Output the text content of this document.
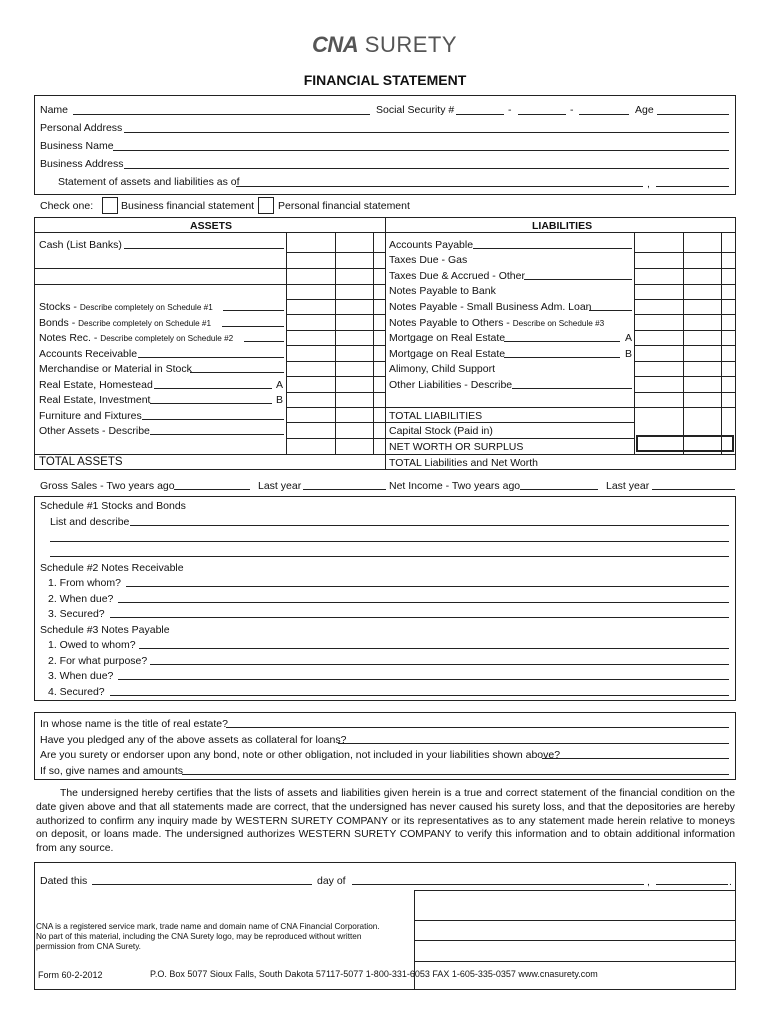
CNA SURETY
FINANCIAL STATEMENT
Name	Social Security #	-	-	Age
Personal Address
Business Name
Business Address
Statement of assets and liabilities as of	,
Check one:	Business financial statement Personal financial statement
ASSETS	LIABILITIES
Cash (List Banks)
Stocks - Describe completely on Schedule #1
Bonds - Describe completely on Schedule #1
Notes Rec. - Describe completely on Schedule #2
Accounts Receivable
Merchandise or Material in Stock
Real Estate, Homestead	A
Real Estate, Investment	B
Furniture and Fixtures
Other Assets - Describe
TOTAL ASSETS
Accounts Payable
Taxes Due - Gas
Taxes Due & Accrued - Other
Notes Payable to Bank
Notes Payable - Small Business Adm. Loan
Notes Payable to Others - Describe on Schedule #3
Mortgage on Real Estate	A
Mortgage on Real Estate	B
Alimony, Child Support
Other Liabilities - Describe
TOTAL LIABILITIES
Capital Stock (Paid in)
NET WORTH OR SURPLUS
TOTAL Liabilities and Net Worth
Gross Sales - Two years ago	Last year	Net Income - Two years ago	Last year
Schedule #1 Stocks and Bonds
List and describe
Schedule #2 Notes Receivable
1. From whom?
2. When due?
3. Secured?
Schedule #3 Notes Payable
1. Owed to whom?
2. For what purpose?
3. When due?
4. Secured?
In whose name is the title of real estate?
Have you pledged any of the above assets as collateral for loans?
Are you surety or endorser upon any bond, note or other obligation, not included in your liabilities shown above?
If so, give names and amounts
The undersigned hereby certifies that the lists of assets and liabilities given herein is a true and correct statement of the financial condition on the date given above and that all statements made are correct, that the undersigned has never caused his surety loss, and that the depositories are hereby authorized to confirm any inquiry made by WESTERN SURETY COMPANY or its representatives as to any statement made herein relative to moneys on deposit, or loans made. The undersigned authorizes WESTERN SURETY COMPANY to verify this information and to obtain additional information from any source.
Dated this	day of	,	.
CNA is a registered service mark, trade name and domain name of CNA Financial Corporation. No part of this material, including the CNA Surety logo, may be reproduced without written permission from CNA Surety.
Form 60-2-2012	P.O. Box 5077 Sioux Falls, South Dakota 57117-5077 1-800-331-6053 FAX 1-605-335-0357 www.cnasurety.com
